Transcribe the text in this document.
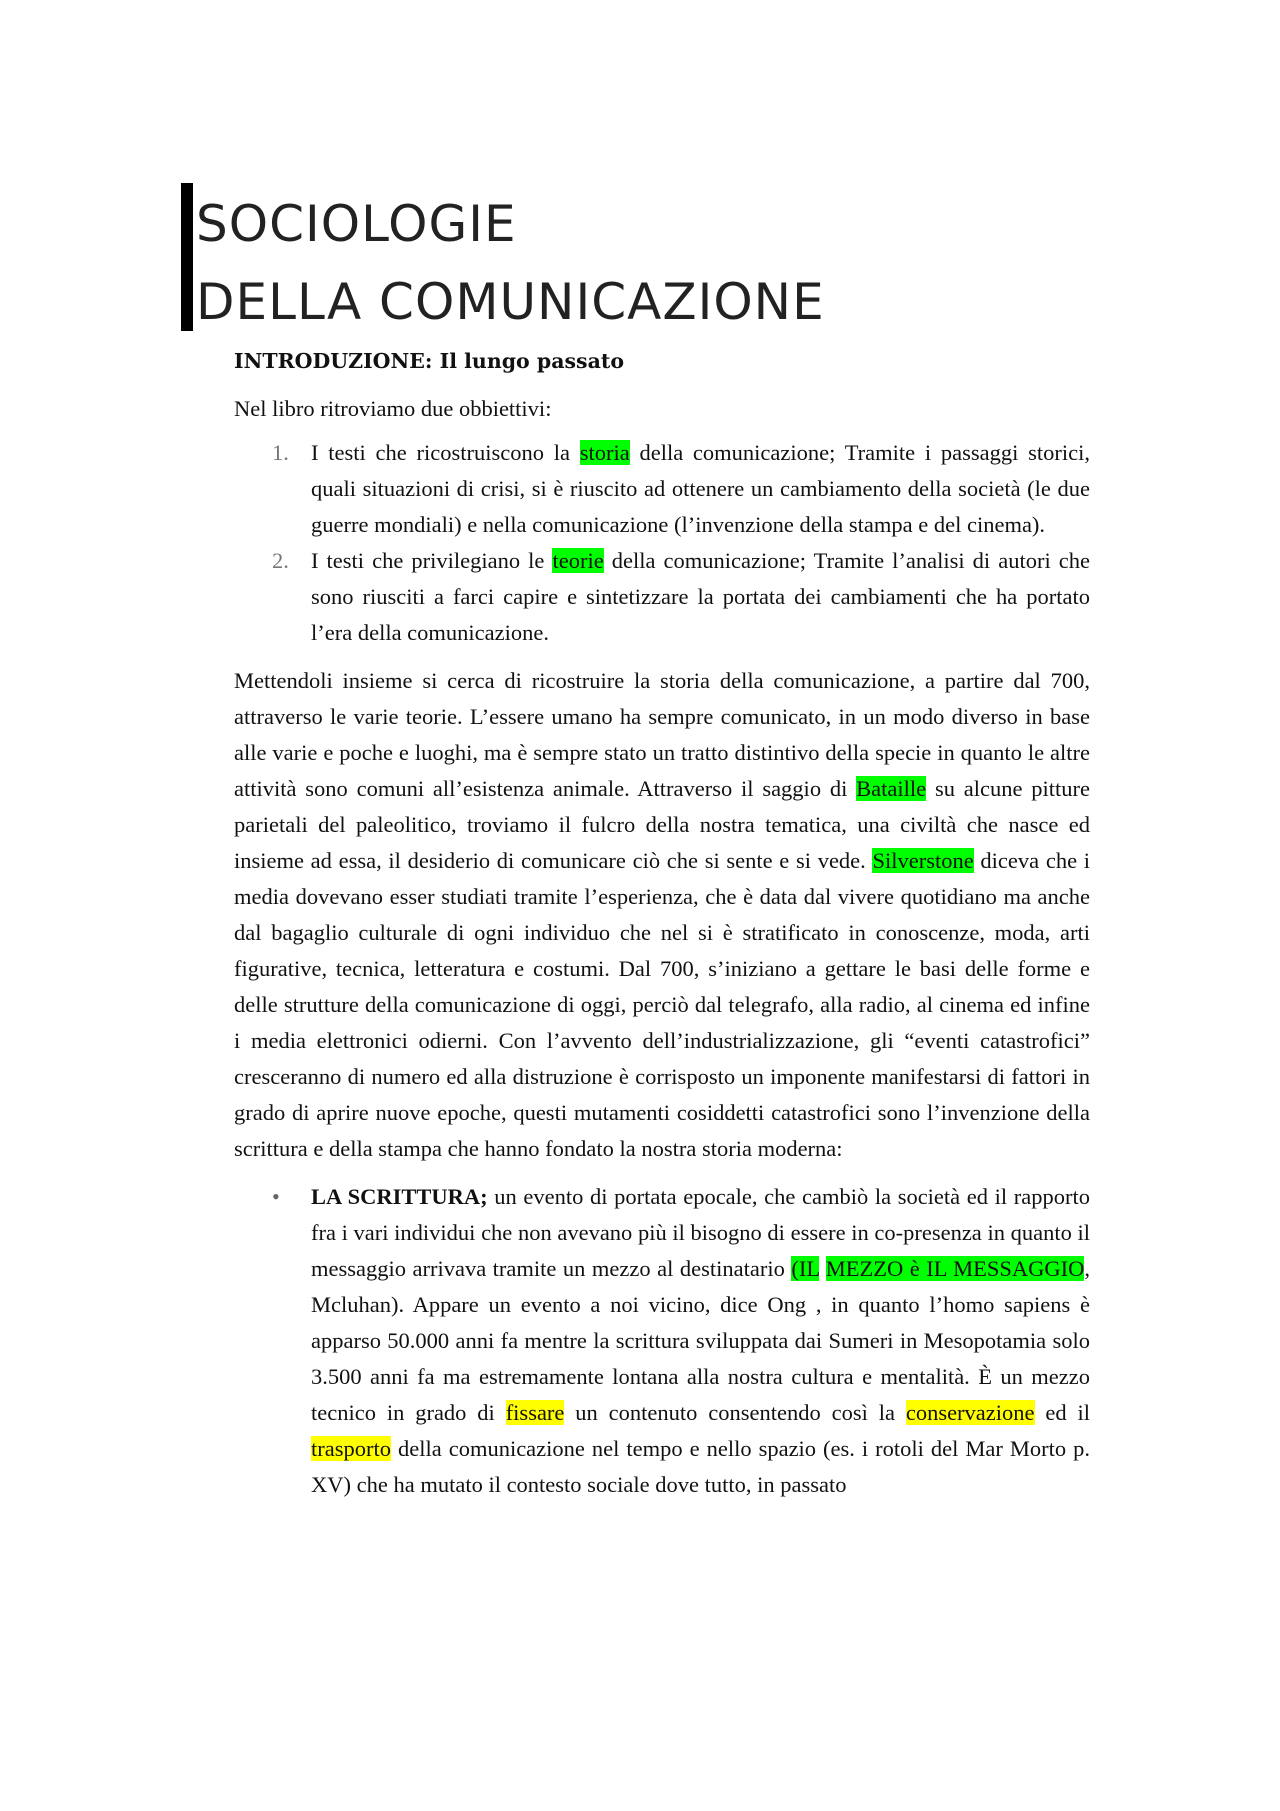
SOCIOLOGIE
DELLA COMUNICAZIONE
INTRODUZIONE: Il lungo passato

Nel libro ritroviamo due obbiettivi:

1. I testi che ricostruiscono la storia della comunicazione; Tramite i passaggi storici, quali situazioni di crisi, si è riuscito ad ottenere un cambiamento della società (le due guerre mondiali) e nella comunicazione (l’invenzione della stampa e del cinema).
2. I testi che privilegiano le teorie della comunicazione; Tramite l’analisi di autori che sono riusciti a farci capire e sintetizzare la portata dei cambiamenti che ha portato l’era della comunicazione.

Mettendoli insieme si cerca di ricostruire la storia della comunicazione, a partire dal 700, attraverso le varie teorie. L’essere umano ha sempre comunicato, in un modo diverso in base alle varie e poche e luoghi, ma è sempre stato un tratto distintivo della specie in quanto le altre attività sono comuni all’esistenza animale. Attraverso il saggio di Bataille su alcune pitture parietali del paleolitico, troviamo il fulcro della nostra tematica, una civiltà che nasce ed insieme ad essa, il desiderio di comunicare ciò che si sente e si vede. Silverstone diceva che i media dovevano esser studiati tramite l’esperienza, che è data dal vivere quotidiano ma anche dal bagaglio culturale di ogni individuo che nel si è stratificato in conoscenze, moda, arti figurative, tecnica, letteratura e costumi. Dal 700, s’iniziano a gettare le basi delle forme e delle strutture della comunicazione di oggi, perciò dal telegrafo, alla radio, al cinema ed infine i media elettronici odierni. Con l’avvento dell’industrializzazione, gli “eventi catastrofici” cresceranno di numero ed alla distruzione è corrisposto un imponente manifestarsi di fattori in grado di aprire nuove epoche, questi mutamenti cosiddetti catastrofici sono l’invenzione della scrittura e della stampa che hanno fondato la nostra storia moderna:

• LA SCRITTURA; un evento di portata epocale, che cambiò la società ed il rapporto fra i vari individui che non avevano più il bisogno di essere in co-presenza in quanto il messaggio arrivava tramite un mezzo al destinatario (IL MEZZO è IL MESSAGGIO, Mcluhan). Appare un evento a noi vicino, dice Ong , in quanto l’homo sapiens è apparso 50.000 anni fa mentre la scrittura sviluppata dai Sumeri in Mesopotamia solo 3.500 anni fa ma estremamente lontana alla nostra cultura e mentalità. È un mezzo tecnico in grado di fissare un contenuto consentendo così la conservazione ed il trasporto della comunicazione nel tempo e nello spazio (es. i rotoli del Mar Morto p. XV) che ha mutato il contesto sociale dove tutto, in passato
